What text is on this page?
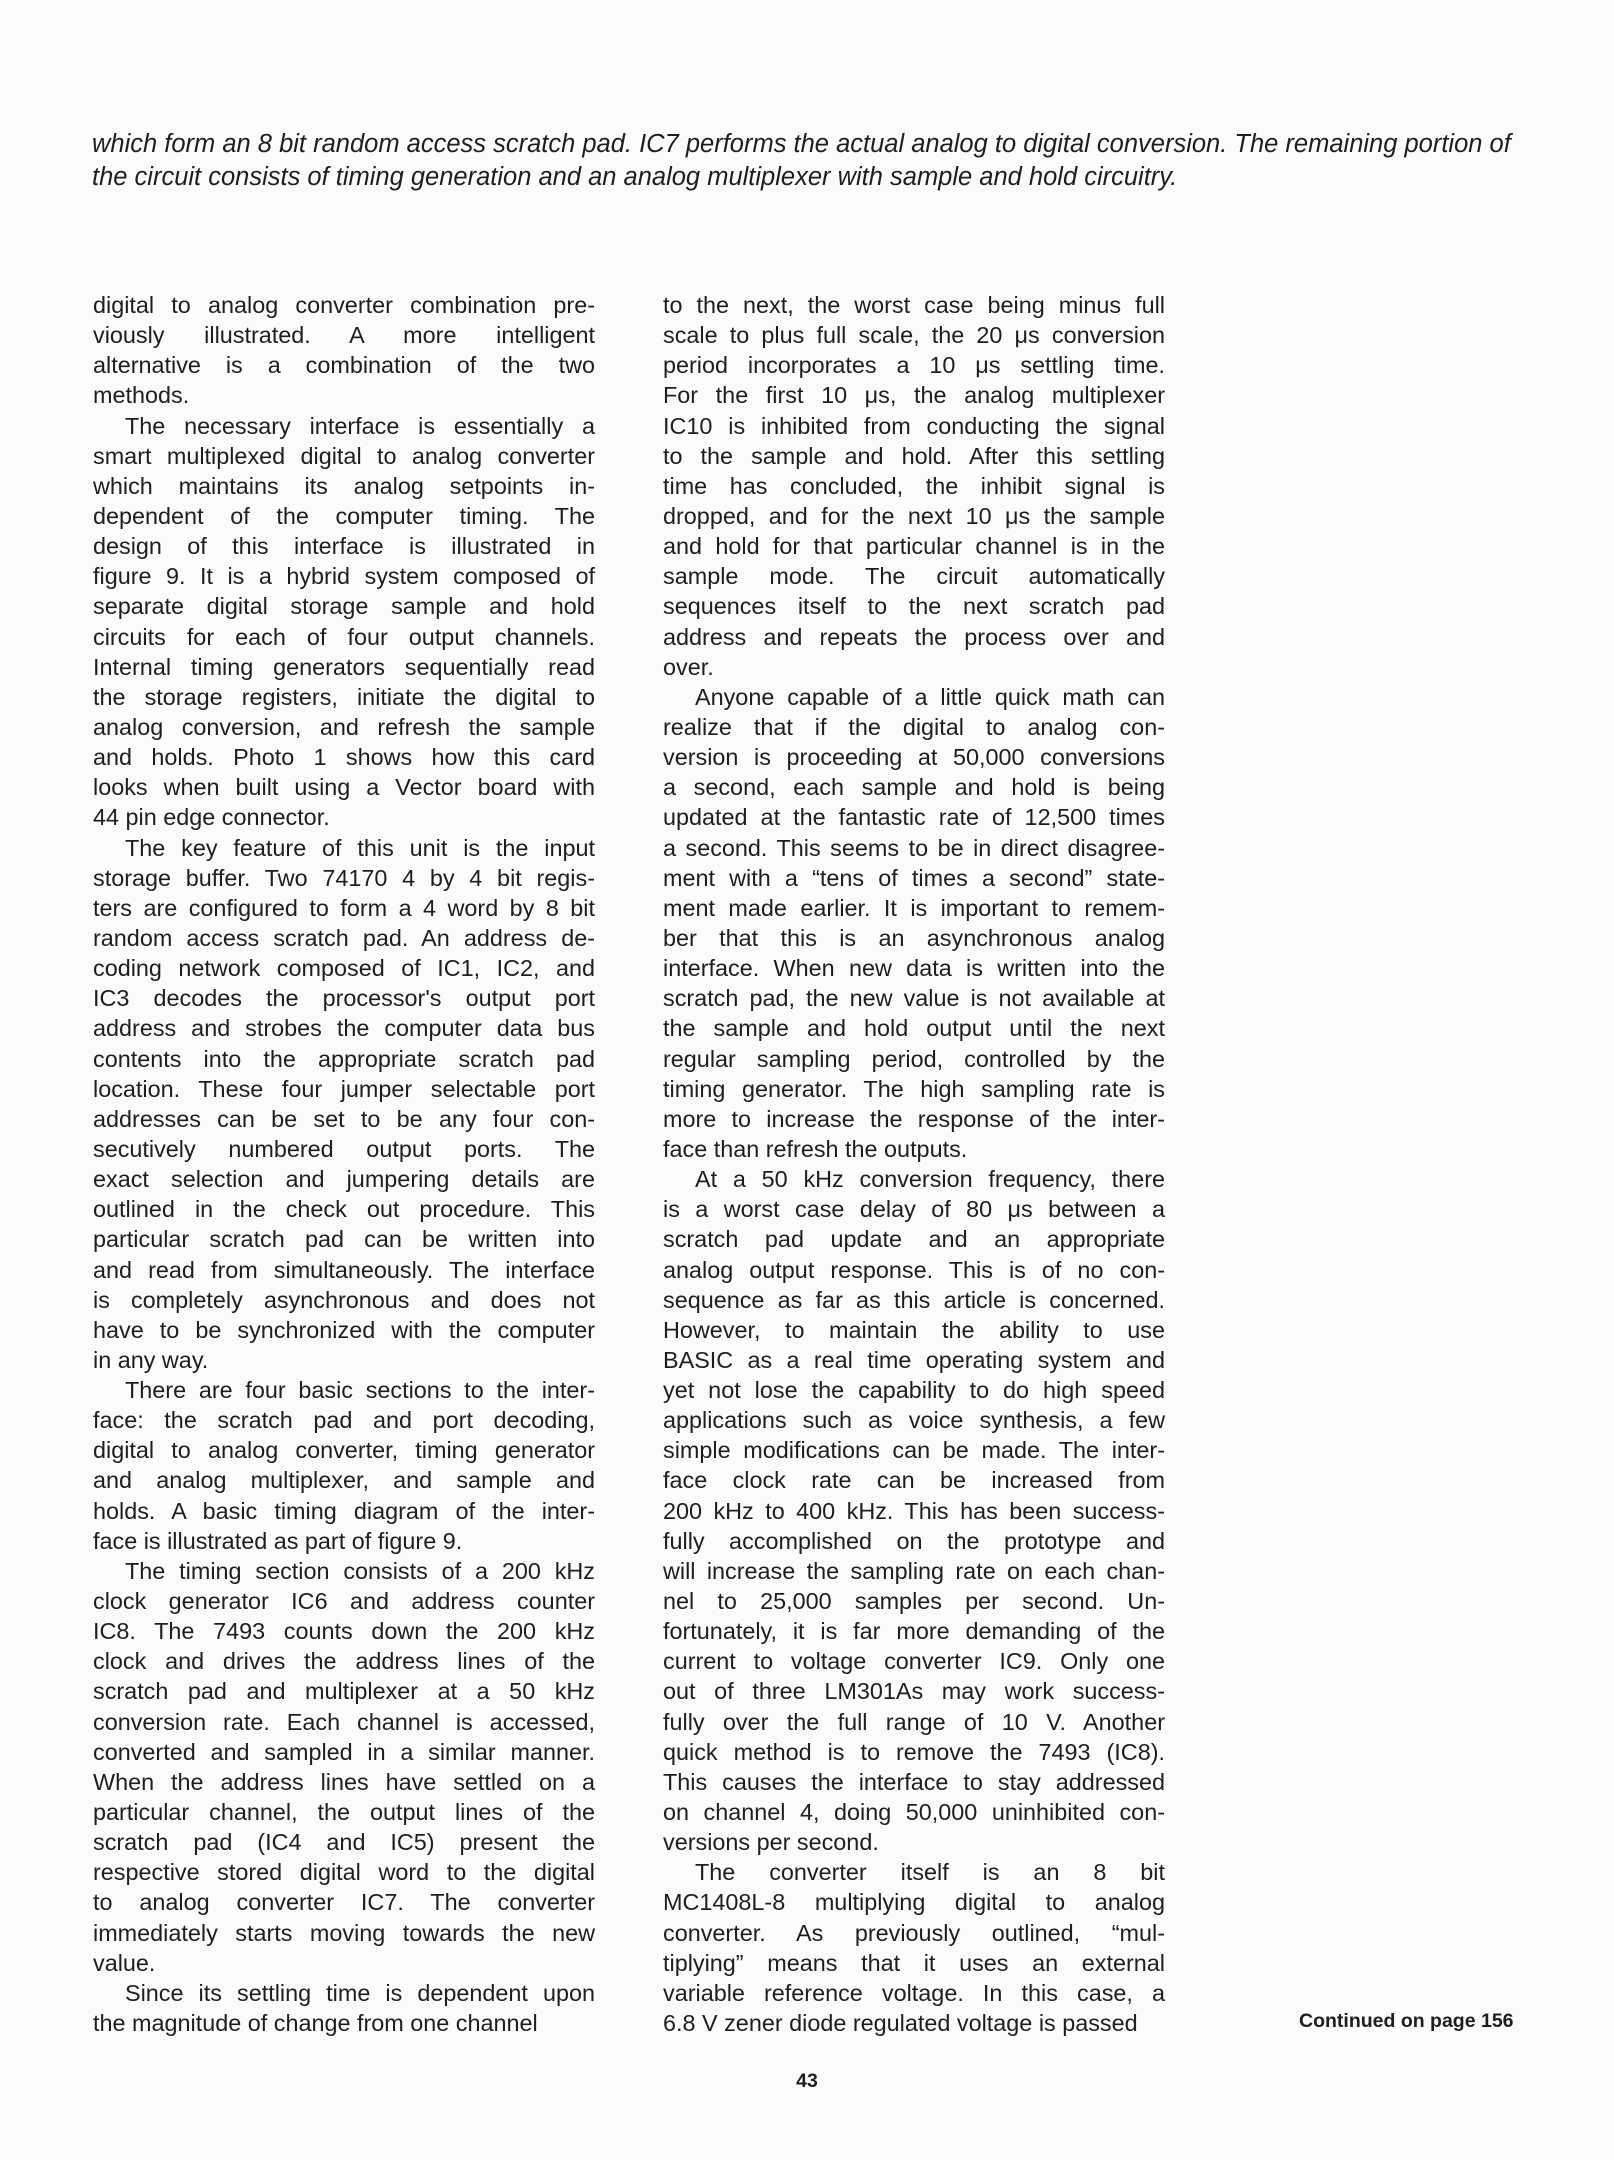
which form an 8 bit random access scratch pad. IC7 performs the actual analog to digital conversion. The remaining portion of

the circuit consists of timing generation and an analog multiplexer with sample and hold circuitry.

digital to analog converter combination pre-
viously illustrated. A more intelligent
alternative is a combination of the two
methods.
The necessary interface is essentially a
smart multiplexed digital to analog converter
which maintains its analog setpoints in-
dependent of the computer timing. The
design of this interface is illustrated in
figure 9. It is a hybrid system composed of
separate digital storage sample and hold
circuits for each of four output channels.
Internal timing generators sequentially read
the storage registers, initiate the digital to
analog conversion, and refresh the sample
and holds. Photo 1 shows how this card
looks when built using a Vector board with
44 pin edge connector.
The key feature of this unit is the input
storage buffer. Two 74170 4 by 4 bit regis-
ters are configured to form a 4 word by 8 bit
random access scratch pad. An address de-
coding network composed of IC1, IC2, and
IC3 decodes the processor's output port
address and strobes the computer data bus
contents into the appropriate scratch pad
location. These four jumper selectable port
addresses can be set to be any four con-
secutively numbered output ports. The
exact selection and jumpering details are
outlined in the check out procedure. This
particular scratch pad can be written into
and read from simultaneously. The interface
is completely asynchronous and does not
have to be synchronized with the computer
in any way.
There are four basic sections to the inter-
face: the scratch pad and port decoding,
digital to analog converter, timing generator
and analog multiplexer, and sample and
holds. A basic timing diagram of the inter-
face is illustrated as part of figure 9.
The timing section consists of a 200 kHz
clock generator IC6 and address counter
IC8. The 7493 counts down the 200 kHz
clock and drives the address lines of the
scratch pad and multiplexer at a 50 kHz
conversion rate. Each channel is accessed,
converted and sampled in a similar manner.
When the address lines have settled on a
particular channel, the output lines of the
scratch pad (IC4 and IC5) present the
respective stored digital word to the digital
to analog converter IC7. The converter
immediately starts moving towards the new
value.
Since its settling time is dependent upon
the magnitude of change from one channel
to the next, the worst case being minus full
scale to plus full scale, the 20 μs conversion
period incorporates a 10 μs settling time.
For the first 10 μs, the analog multiplexer
IC10 is inhibited from conducting the signal
to the sample and hold. After this settling
time has concluded, the inhibit signal is
dropped, and for the next 10 μs the sample
and hold for that particular channel is in the
sample mode. The circuit automatically
sequences itself to the next scratch pad
address and repeats the process over and
over.
Anyone capable of a little quick math can
realize that if the digital to analog con-
version is proceeding at 50,000 conversions
a second, each sample and hold is being
updated at the fantastic rate of 12,500 times
a second. This seems to be in direct disagree-
ment with a “tens of times a second” state-
ment made earlier. It is important to remem-
ber that this is an asynchronous analog
interface. When new data is written into the
scratch pad, the new value is not available at
the sample and hold output until the next
regular sampling period, controlled by the
timing generator. The high sampling rate is
more to increase the response of the inter-
face than refresh the outputs.
At a 50 kHz conversion frequency, there
is a worst case delay of 80 μs between a
scratch pad update and an appropriate
analog output response. This is of no con-
sequence as far as this article is concerned.
However, to maintain the ability to use
BASIC as a real time operating system and
yet not lose the capability to do high speed
applications such as voice synthesis, a few
simple modifications can be made. The inter-
face clock rate can be increased from
200 kHz to 400 kHz. This has been success-
fully accomplished on the prototype and
will increase the sampling rate on each chan-
nel to 25,000 samples per second. Un-
fortunately, it is far more demanding of the
current to voltage converter IC9. Only one
out of three LM301As may work success-
fully over the full range of 10 V. Another
quick method is to remove the 7493 (IC8).
This causes the interface to stay addressed
on channel 4, doing 50,000 uninhibited con-
versions per second.
The converter itself is an 8 bit
MC1408L-8 multiplying digital to analog
converter. As previously outlined, “mul-
tiplying” means that it uses an external
variable reference voltage. In this case, a
6.8 V zener diode regulated voltage is passed	Continued on page 156
43
